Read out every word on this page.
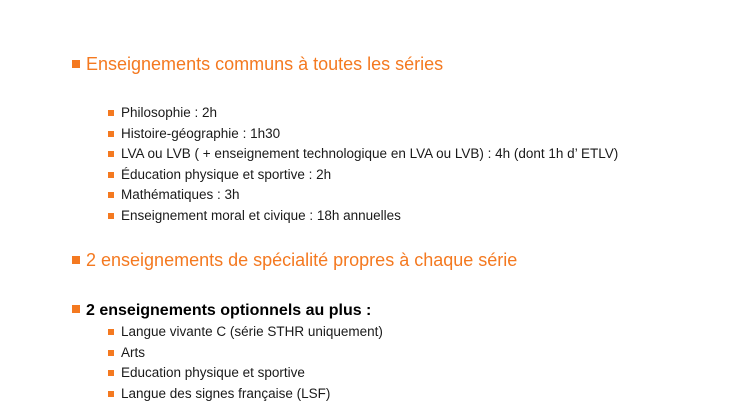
Enseignements communs à toutes les séries
Philosophie : 2h
Histoire-géographie : 1h30
LVA ou LVB ( + enseignement technologique en LVA ou LVB) : 4h (dont 1h d’ ETLV)
Éducation physique et sportive : 2h
Mathématiques : 3h
Enseignement moral et civique : 18h annuelles
2 enseignements de spécialité propres à chaque série
2 enseignements optionnels au plus :
Langue vivante C (série STHR uniquement)
Arts
Education physique et sportive
Langue des signes française (LSF)
